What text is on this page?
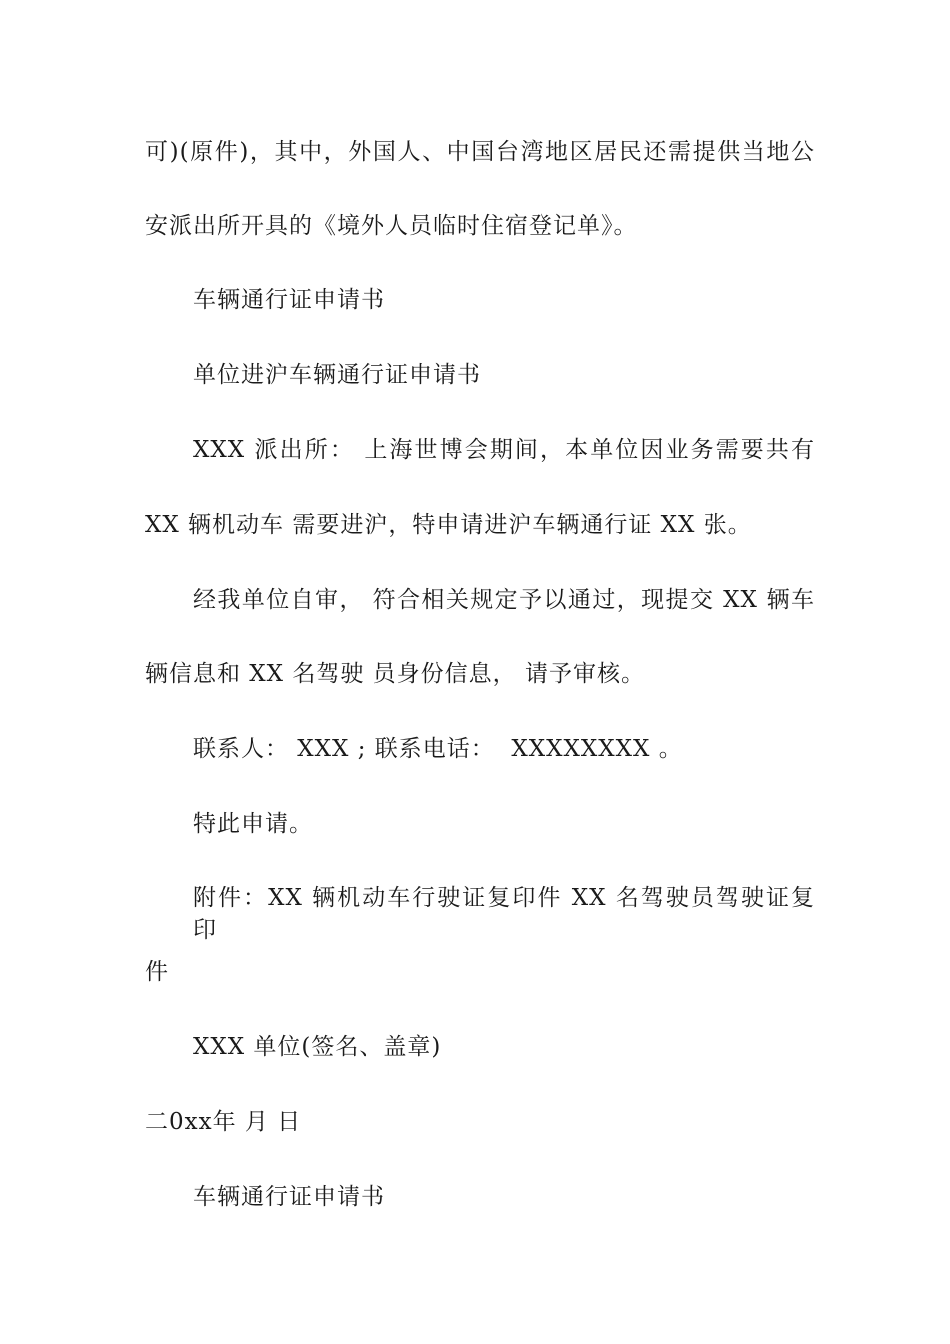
可)(原件)，其中，外国人、中国台湾地区居民还需提供当地公
安派出所开具的《境外人员临时住宿登记单》。
车辆通行证申请书
单位进沪车辆通行证申请书
XXX 派出所： 上海世博会期间，本单位因业务需要共有
XX 辆机动车 需要进沪，特申请进沪车辆通行证 XX 张。
经我单位自审， 符合相关规定予以通过，现提交 XX 辆车
辆信息和 XX 名驾驶 员身份信息， 请予审核。
联系人： XXX ; 联系电话：  XXXXXXXX 。
特此申请。
附件：XX 辆机动车行驶证复印件 XX 名驾驶员驾驶证复印
件
XXX 单位(签名、盖章)
二0xx年 月 日
车辆通行证申请书
